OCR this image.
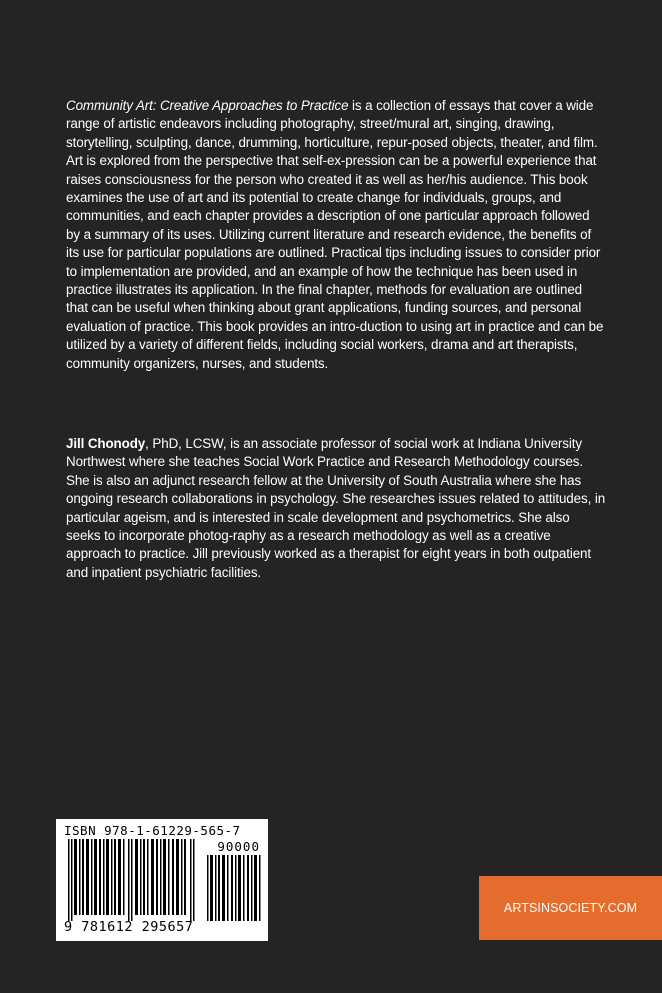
Community Art: Creative Approaches to Practice is a collection of essays that cover a wide range of artistic endeavors including photography, street/mural art, singing, drawing, storytelling, sculpting, dance, drumming, horticulture, repur-posed objects, theater, and film. Art is explored from the perspective that self-ex-pression can be a powerful experience that raises consciousness for the person who created it as well as her/his audience. This book examines the use of art and its potential to create change for individuals, groups, and communities, and each chapter provides a description of one particular approach followed by a summary of its uses. Utilizing current literature and research evidence, the benefits of its use for particular populations are outlined. Practical tips including issues to consider prior to implementation are provided, and an example of how the technique has been used in practice illustrates its application. In the final chapter, methods for evaluation are outlined that can be useful when thinking about grant applications, funding sources, and personal evaluation of practice. This book provides an intro-duction to using art in practice and can be utilized by a variety of different fields, including social workers, drama and art therapists, community organizers, nurses, and students.
Jill Chonody, PhD, LCSW, is an associate professor of social work at Indiana University Northwest where she teaches Social Work Practice and Research Methodology courses. She is also an adjunct research fellow at the University of South Australia where she has ongoing research collaborations in psychology. She researches issues related to attitudes, in particular ageism, and is interested in scale development and psychometrics. She also seeks to incorporate photog-raphy as a research methodology as well as a creative approach to practice. Jill previously worked as a therapist for eight years in both outpatient and inpatient psychiatric facilities.
ISBN 978-1-61229-565-7
90000
9 781612 295657
ARTSINSOCIETY.COM
